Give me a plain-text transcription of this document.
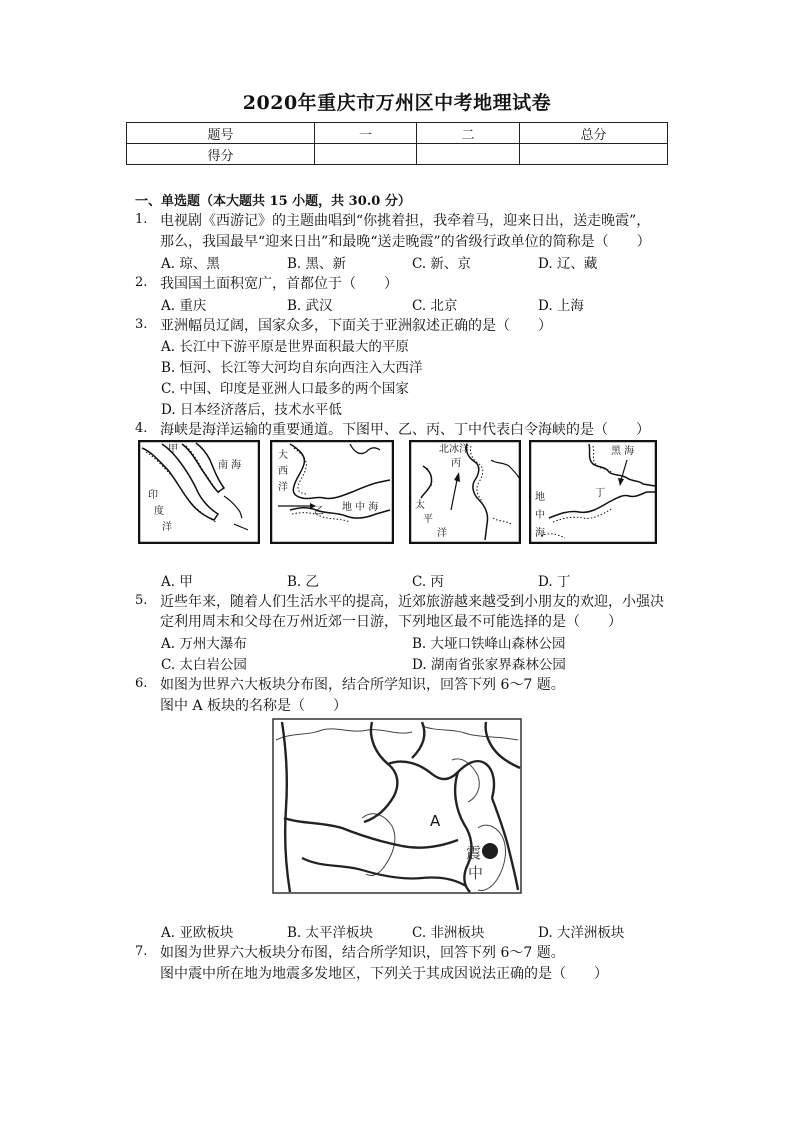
2020年重庆市万州区中考地理试卷
题号	一	二	总分
得分			
一、单选题（本大题共 15 小题，共 30.0 分）
1. 电视剧《西游记》的主题曲唱到“你挑着担，我牵着马，迎来日出，送走晚霞”，
那么，我国最早“迎来日出”和最晚“送走晚霞”的省级行政单位的简称是（　　）
A. 琼、黑	B. 黑、新	C. 新、京	D. 辽、藏
2. 我国国土面积宽广，首都位于（　　）
A. 重庆	B. 武汉	C. 北京	D. 上海
3. 亚洲幅员辽阔，国家众多，下面关于亚洲叙述正确的是（　　）
A. 长江中下游平原是世界面积最大的平原
B. 恒河、长江等大河均自东向西注入大西洋
C. 中国、印度是亚洲人口最多的两个国家
D. 日本经济落后，技术水平低
4. 海峡是海洋运输的重要通道。下图甲、乙、丙、丁中代表白令海峡的是（　　）
甲
南 海
印
度
洋
大
西
洋
乙 地 中 海
北冰洋
丙
太
平
洋
黑 海
丁
地
中
海
A. 甲	B. 乙	C. 丙	D. 丁
5. 近些年来，随着人们生活水平的提高，近郊旅游越来越受到小朋友的欢迎，小强决
定利用周末和父母在万州近郊一日游，下列地区最不可能选择的是（　　）
A. 万州大瀑布	B. 大垭口铁峰山森林公园
C. 太白岩公园	D. 湖南省张家界森林公园
6. 如图为世界六大板块分布图，结合所学知识，回答下列 6～7 题。
图中 A 板块的名称是（　　）
A
震
中
A. 亚欧板块	B. 太平洋板块	C. 非洲板块	D. 大洋洲板块
7. 如图为世界六大板块分布图，结合所学知识，回答下列 6～7 题。
图中震中所在地为地震多发地区，下列关于其成因说法正确的是（　　）
